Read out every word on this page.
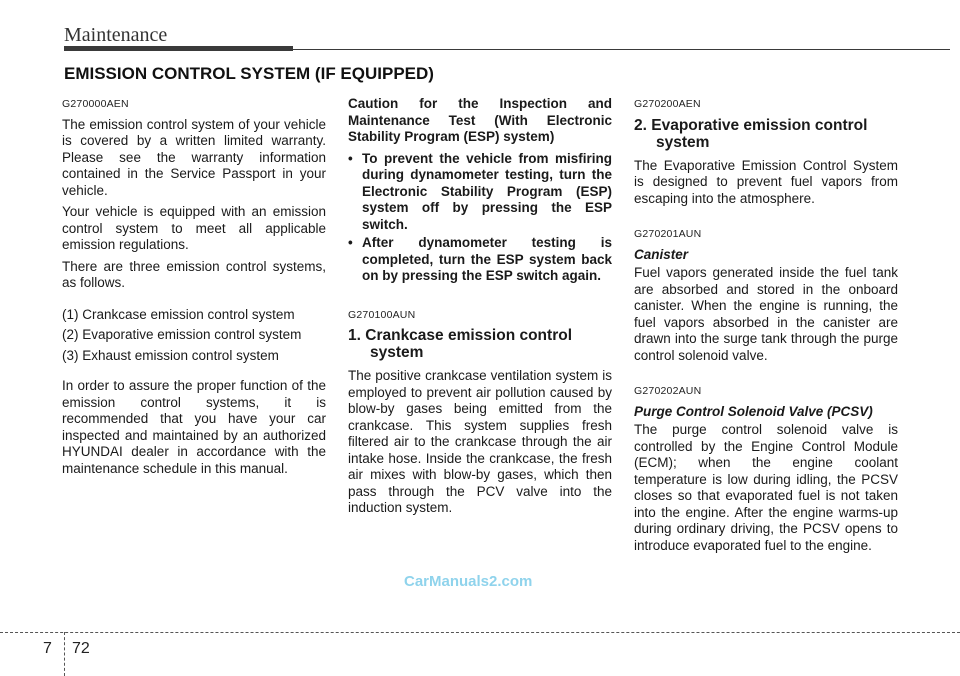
Maintenance
EMISSION CONTROL SYSTEM (IF EQUIPPED)
G270000AEN

The emission control system of your vehicle is covered by a written limited warranty. Please see the warranty information contained in the Service Passport in your vehicle.

Your vehicle is equipped with an emission control system to meet all applicable emission regulations.

There are three emission control systems, as follows.

(1) Crankcase emission control system

(2) Evaporative emission control system

(3) Exhaust emission control system

In order to assure the proper function of the emission control systems, it is recommended that you have your car inspected and maintained by an authorized HYUNDAI dealer in accordance with the maintenance schedule in this manual.

Caution for the Inspection and Maintenance Test (With Electronic Stability Program (ESP) system)

• To prevent the vehicle from misfiring during dynamometer testing, turn the Electronic Stability Program (ESP) system off by pressing the ESP switch.
• After dynamometer testing is completed, turn the ESP system back on by pressing the ESP switch again.
G270100AUN
1. Crankcase emission control
system

The positive crankcase ventilation system is employed to prevent air pollution caused by blow-by gases being emitted from the crankcase. This system supplies fresh filtered air to the crankcase through the air intake hose. Inside the crankcase, the fresh air mixes with blow-by gases, which then pass through the PCV valve into the induction system.

G270200AEN
2. Evaporative emission control
system

The Evaporative Emission Control System is designed to prevent fuel vapors from escaping into the atmosphere.

G270201AUN
Canister

Fuel vapors generated inside the fuel tank are absorbed and stored in the onboard canister. When the engine is running, the fuel vapors absorbed in the canister are drawn into the surge tank through the purge control solenoid valve.

G270202AUN
Purge Control Solenoid Valve (PCSV)

The purge control solenoid valve is controlled by the Engine Control Module (ECM); when the engine coolant temperature is low during idling, the PCSV closes so that evaporated fuel is not taken into the engine. After the engine warms-up during ordinary driving, the PCSV opens to introduce evaporated fuel to the engine.

CarManuals2.com
7 72
